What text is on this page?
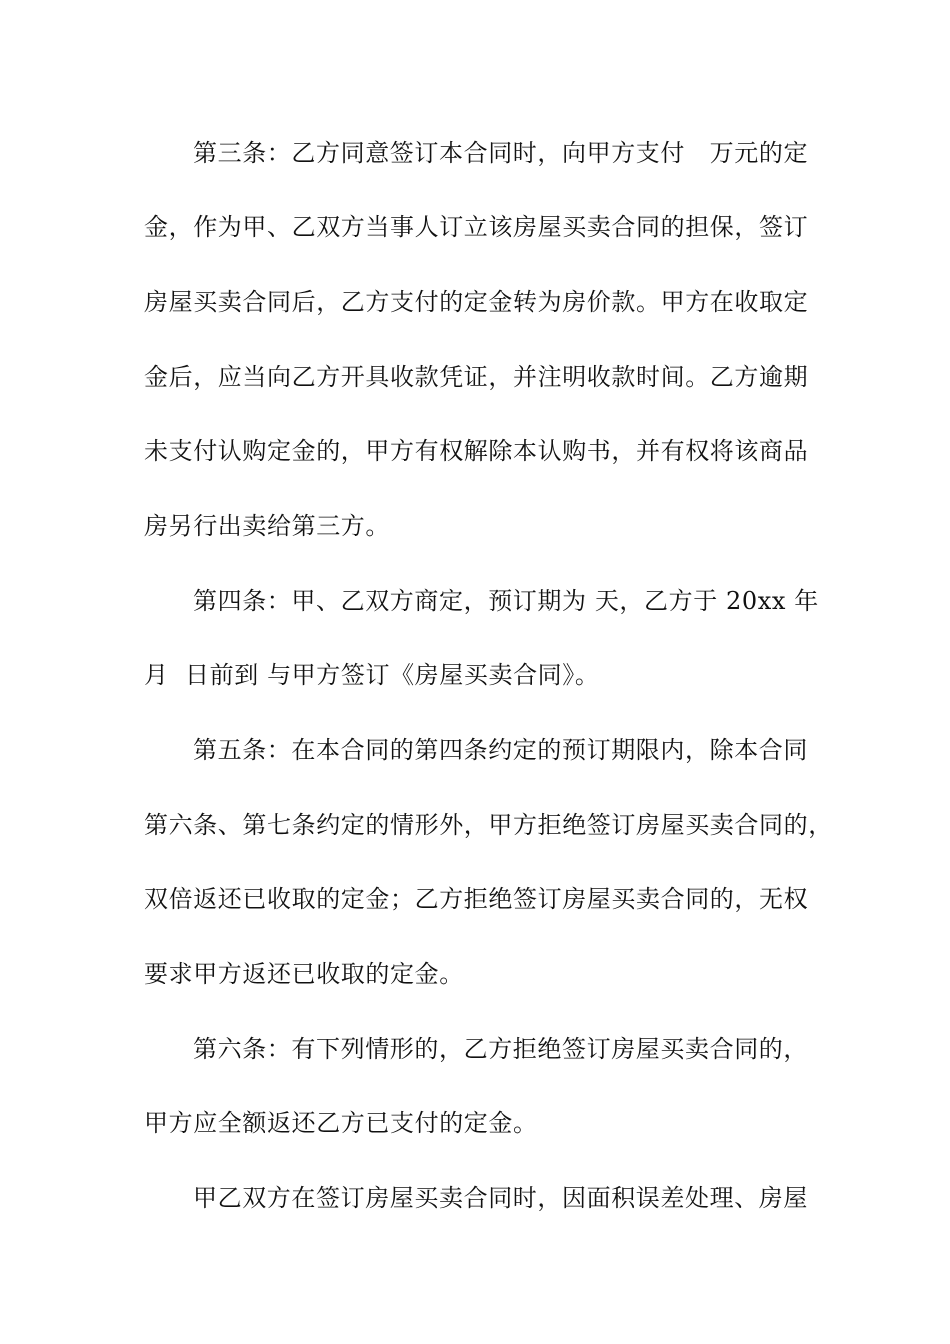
第三条：乙方同意签订本合同时，向甲方支付   万元的定
金，作为甲、乙双方当事人订立该房屋买卖合同的担保，签订
房屋买卖合同后，乙方支付的定金转为房价款。甲方在收取定
金后，应当向乙方开具收款凭证，并注明收款时间。乙方逾期
未支付认购定金的，甲方有权解除本认购书，并有权将该商品
房另行出卖给第三方。
第四条：甲、乙双方商定，预订期为 天，乙方于 20xx 年
月  日前到 与甲方签订《房屋买卖合同》。
第五条：在本合同的第四条约定的预订期限内，除本合同
第六条、第七条约定的情形外，甲方拒绝签订房屋买卖合同的，
双倍返还已收取的定金；乙方拒绝签订房屋买卖合同的，无权
要求甲方返还已收取的定金。
第六条：有下列情形的，乙方拒绝签订房屋买卖合同的，
甲方应全额返还乙方已支付的定金。
甲乙双方在签订房屋买卖合同时，因面积误差处理、房屋
